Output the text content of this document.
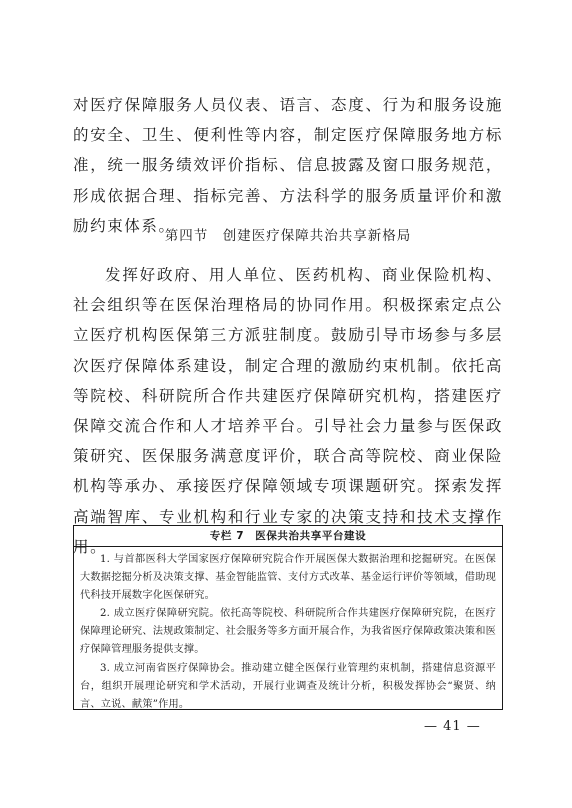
对医疗保障服务人员仪表、语言、态度、行为和服务设施的安全、卫生、便利性等内容，制定医疗保障服务地方标准，统一服务绩效评价指标、信息披露及窗口服务规范，形成依据合理、指标完善、方法科学的服务质量评价和激励约束体系。

第四节　创建医疗保障共治共享新格局

发挥好政府、用人单位、医药机构、商业保险机构、社会组织等在医保治理格局的协同作用。积极探索定点公立医疗机构医保第三方派驻制度。鼓励引导市场参与多层次医疗保障体系建设，制定合理的激励约束机制。依托高等院校、科研院所合作共建医疗保障研究机构，搭建医疗保障交流合作和人才培养平台。引导社会力量参与医保政策研究、医保服务满意度评价，联合高等院校、商业保险机构等承办、承接医疗保障领域专项课题研究。探索发挥高端智库、专业机构和行业专家的决策支持和技术支撑作用。

专栏 7　医保共治共享平台建设

1. 与首都医科大学国家医疗保障研究院合作开展医保大数据治理和挖掘研究。在医保大数据挖掘分析及决策支撑、基金智能监管、支付方式改革、基金运行评价等领域，借助现代科技开展数字化医保研究。

2. 成立医疗保障研究院。依托高等院校、科研院所合作共建医疗保障研究院，在医疗保障理论研究、法规政策制定、社会服务等多方面开展合作，为我省医疗保障政策决策和医疗保障管理服务提供支撑。

3. 成立河南省医疗保障协会。推动建立健全医保行业管理约束机制，搭建信息资源平台，组织开展理论研究和学术活动，开展行业调查及统计分析，积极发挥协会“聚贤、纳言、立说、献策”作用。

— 41 —
